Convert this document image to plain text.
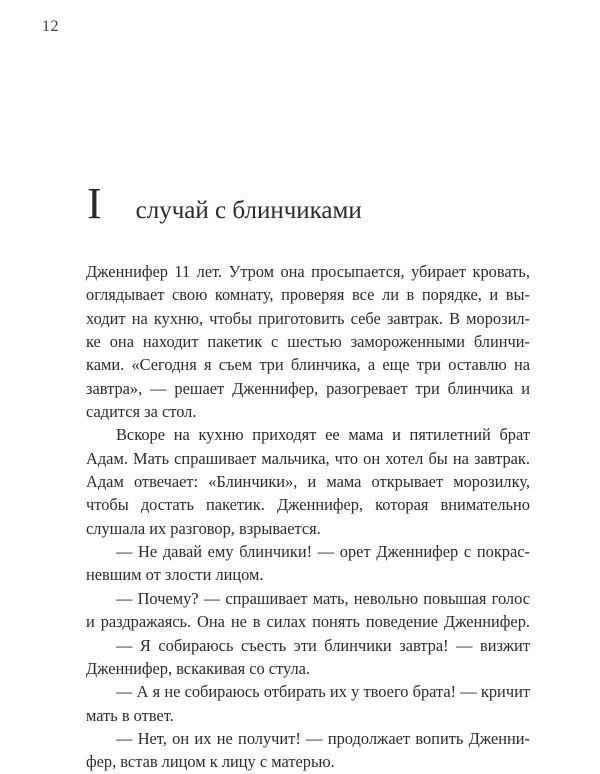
12
I случай с блинчиками
Дженнифер 11 лет. Утром она просыпается, убирает кровать,
оглядывает свою комнату, проверяя все ли в порядке, и вы-
ходит на кухню, чтобы приготовить себе завтрак. В морозил-
ке она находит пакетик с шестью замороженными блинчи-
ками. «Сегодня я съем три блинчика, а еще три оставлю на
завтра», — решает Дженнифер, разогревает три блинчика и
садится за стол.
Вскоре на кухню приходят ее мама и пятилетний брат
Адам. Мать спрашивает мальчика, что он хотел бы на завтрак.
Адам отвечает: «Блинчики», и мама открывает морозилку,
чтобы достать пакетик. Дженнифер, которая внимательно
слушала их разговор, взрывается.
— Не давай ему блинчики! — орет Дженнифер с покрас-
невшим от злости лицом.
— Почему? — спрашивает мать, невольно повышая голос
и раздражаясь. Она не в силах понять поведение Дженнифер.
— Я собираюсь съесть эти блинчики завтра! — визжит
Дженнифер, вскакивая со стула.
— А я не собираюсь отбирать их у твоего брата! — кричит
мать в ответ.
— Нет, он их не получит! — продолжает вопить Дженни-
фер, встав лицом к лицу с матерью.
